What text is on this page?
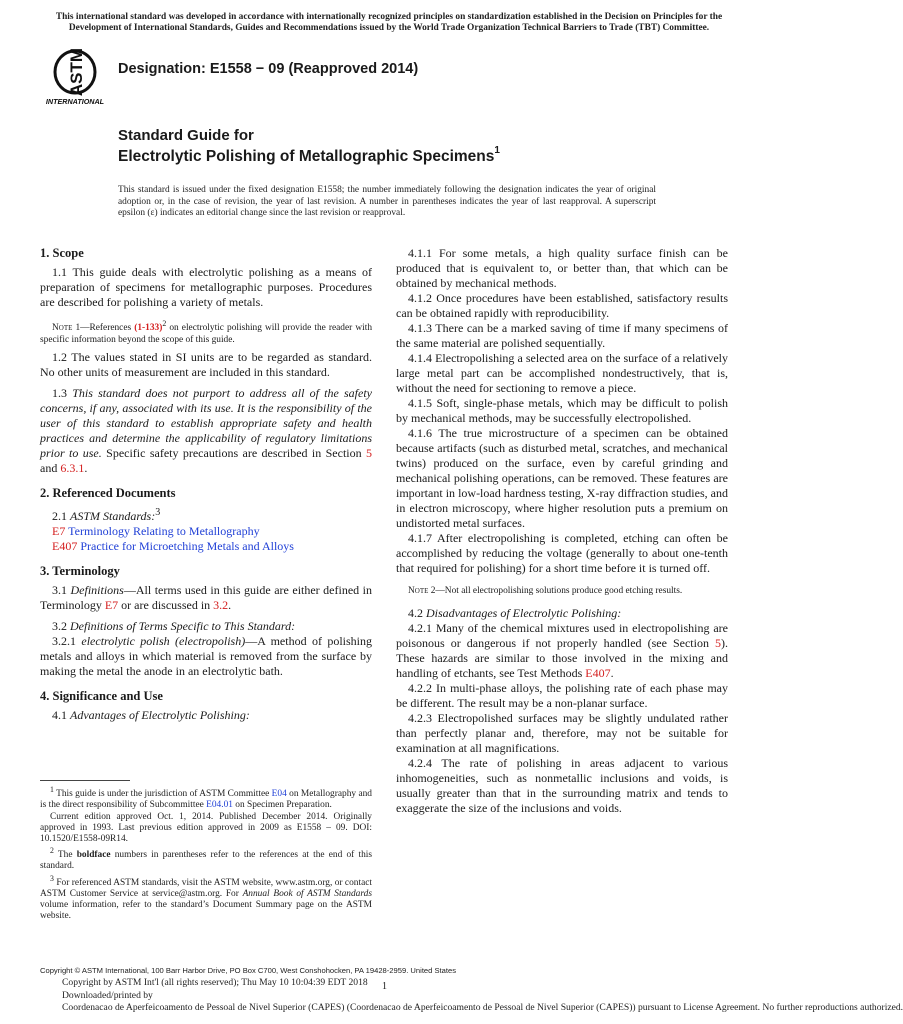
This international standard was developed in accordance with internationally recognized principles on standardization established in the Decision on Principles for the Development of International Standards, Guides and Recommendations issued by the World Trade Organization Technical Barriers to Trade (TBT) Committee.
ASTM
INTERNATIONAL
Designation: E1558 − 09 (Reapproved 2014)
Standard Guide for
Electrolytic Polishing of Metallographic Specimens$^1$
This standard is issued under the fixed designation E1558; the number immediately following the designation indicates the year of original adoption or, in the case of revision, the year of last revision. A number in parentheses indicates the year of last reapproval. A superscript epsilon (ε) indicates an editorial change since the last revision or reapproval.
1. Scope

1.1 This guide deals with electrolytic polishing as a means of preparation of specimens for metallographic purposes. Procedures are described for polishing a variety of metals.

Note 1—References $(1-133)^2$ on electrolytic polishing will provide the reader with specific information beyond the scope of this guide.

1.2 The values stated in SI units are to be regarded as standard. No other units of measurement are included in this standard.

1.3 This standard does not purport to address all of the safety concerns, if any, associated with its use. It is the responsibility of the user of this standard to establish appropriate safety and health practices and determine the applicability of regulatory limitations prior to use. Specific safety precautions are described in Section 5 and 6.3.1.

2. Referenced Documents

2.1 ASTM Standards:$^3$

E7 Terminology Relating to Metallography

E407 Practice for Microetching Metals and Alloys

3. Terminology

3.1 Definitions—All terms used in this guide are either defined in Terminology E7 or are discussed in 3.2.

3.2 Definitions of Terms Specific to This Standard:

3.2.1 electrolytic polish (electropolish)—A method of polishing metals and alloys in which material is removed from the surface by making the metal the anode in an electrolytic bath.

4. Significance and Use

4.1 Advantages of Electrolytic Polishing:

$^1$ This guide is under the jurisdiction of ASTM Committee E04 on Metallography and is the direct responsibility of Subcommittee E04.01 on Specimen Preparation.

Current edition approved Oct. 1, 2014. Published December 2014. Originally approved in 1993. Last previous edition approved in 2009 as E1558 – 09. DOI: 10.1520/E1558-09R14.

$^2$ The boldface numbers in parentheses refer to the references at the end of this standard.

$^3$ For referenced ASTM standards, visit the ASTM website, www.astm.org, or contact ASTM Customer Service at service@astm.org. For Annual Book of ASTM Standards volume information, refer to the standard’s Document Summary page on the ASTM website.

4.1.1 For some metals, a high quality surface finish can be produced that is equivalent to, or better than, that which can be obtained by mechanical methods.

4.1.2 Once procedures have been established, satisfactory results can be obtained rapidly with reproducibility.

4.1.3 There can be a marked saving of time if many specimens of the same material are polished sequentially.

4.1.4 Electropolishing a selected area on the surface of a relatively large metal part can be accomplished nondestructively, that is, without the need for sectioning to remove a piece.

4.1.5 Soft, single-phase metals, which may be difficult to polish by mechanical methods, may be successfully electropolished.

4.1.6 The true microstructure of a specimen can be obtained because artifacts (such as disturbed metal, scratches, and mechanical twins) produced on the surface, even by careful grinding and mechanical polishing operations, can be removed. These features are important in low-load hardness testing, X-ray diffraction studies, and in electron microscopy, where higher resolution puts a premium on undistorted metal surfaces.

4.1.7 After electropolishing is completed, etching can often be accomplished by reducing the voltage (generally to about one-tenth that required for polishing) for a short time before it is turned off.

Note 2—Not all electropolishing solutions produce good etching results.

4.2 Disadvantages of Electrolytic Polishing:

4.2.1 Many of the chemical mixtures used in electropolishing are poisonous or dangerous if not properly handled (see Section 5). These hazards are similar to those involved in the mixing and handling of etchants, see Test Methods E407.

4.2.2 In multi-phase alloys, the polishing rate of each phase may be different. The result may be a non-planar surface.

4.2.3 Electropolished surfaces may be slightly undulated rather than perfectly planar and, therefore, may not be suitable for examination at all magnifications.

4.2.4 The rate of polishing in areas adjacent to various inhomogeneities, such as nonmetallic inclusions and voids, is usually greater than that in the surrounding matrix and tends to exaggerate the size of the inclusions and voids.

Copyright © ASTM International, 100 Barr Harbor Drive, PO Box C700, West Conshohocken, PA 19428-2959. United States
1
Copyright by ASTM Int'l (all rights reserved); Thu May 10 10:04:39 EDT 2018
Downloaded/printed by
Coordenacao de Aperfeicoamento de Pessoal de Nivel Superior (CAPES) (Coordenacao de Aperfeicoamento de Pessoal de Nivel Superior (CAPES)) pursuant to License Agreement. No further reproductions authorized.
